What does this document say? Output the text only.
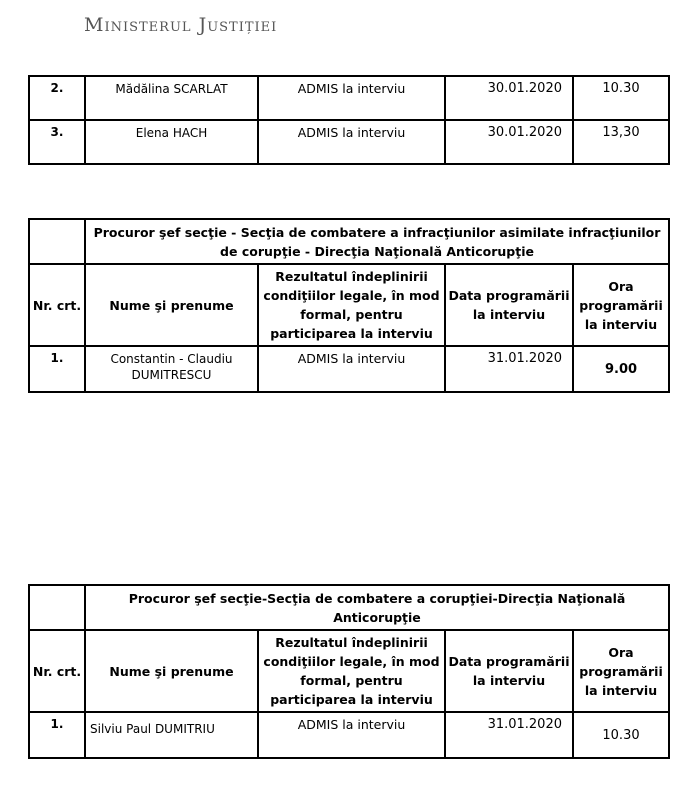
Ministerul Justiției
2.	Mădălina SCARLAT	ADMIS la interviu	30.01.2020	10.30
3.	Elena HACH	ADMIS la interviu	30.01.2020	13,30
	Procuror şef secţie - Secţia de combatere a infracţiunilor asimilate infracţiunilor de corupţie - Direcţia Naţională Anticorupţie			
Nr. crt.	Nume şi prenume	Rezultatul îndeplinirii condiţiilor legale, în mod formal, pentru participarea la interviu	Data programării la interviu	Ora programării la interviu
1.	Constantin - Claudiu DUMITRESCU	ADMIS la interviu	31.01.2020	9.00
	Procuror şef secţie-Secţia de combatere a corupţiei-Direcţia Naţională Anticorupţie			
Nr. crt.	Nume şi prenume	Rezultatul îndeplinirii condiţiilor legale, în mod formal, pentru participarea la interviu	Data programării la interviu	Ora programării la interviu
1.	Silviu Paul DUMITRIU	ADMIS la interviu	31.01.2020	10.30
